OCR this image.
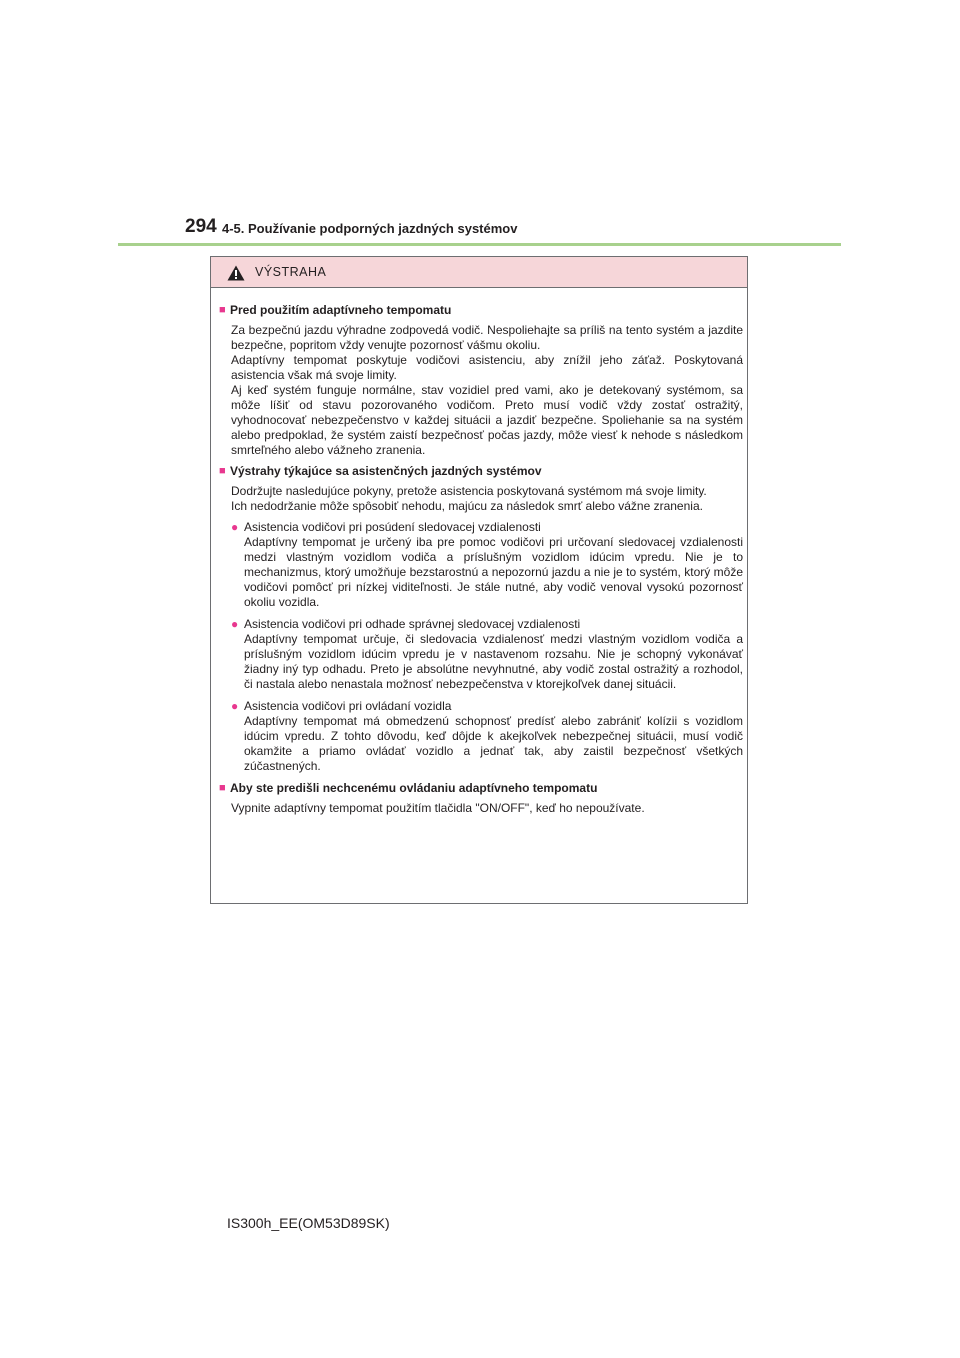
294 4-5. Používanie podporných jazdných systémov
VÝSTRAHA
■ Pred použitím adaptívneho tempomatu
Za bezpečnú jazdu výhradne zodpovedá vodič. Nespoliehajte sa príliš na tento systém a jazdite bezpečne, popritom vždy venujte pozornosť vášmu okoliu.
Adaptívny tempomat poskytuje vodičovi asistenciu, aby znížil jeho záťaž. Poskytovaná asistencia však má svoje limity.
Aj keď systém funguje normálne, stav vozidiel pred vami, ako je detekovaný systémom, sa môže líšiť od stavu pozorovaného vodičom. Preto musí vodič vždy zostať ostražitý, vyhodnocovať nebezpečenstvo v každej situácii a jazdiť bezpečne. Spoliehanie sa na systém alebo predpoklad, že systém zaistí bezpečnosť počas jazdy, môže viesť k nehode s následkom smrteľného alebo vážneho zranenia.
■ Výstrahy týkajúce sa asistenčných jazdných systémov
Dodržujte nasledujúce pokyny, pretože asistencia poskytovaná systémom má svoje limity.
Ich nedodržanie môže spôsobiť nehodu, majúcu za následok smrť alebo vážne zranenia.
● Asistencia vodičovi pri posúdení sledovacej vzdialenosti
Adaptívny tempomat je určený iba pre pomoc vodičovi pri určovaní sledovacej vzdialenosti medzi vlastným vozidlom vodiča a príslušným vozidlom idúcim vpredu. Nie je to mechanizmus, ktorý umožňuje bezstarostnú a nepozornú jazdu a nie je to systém, ktorý môže vodičovi pomôcť pri nízkej viditeľnosti. Je stále nutné, aby vodič venoval vysokú pozornosť okoliu vozidla.
● Asistencia vodičovi pri odhade správnej sledovacej vzdialenosti
Adaptívny tempomat určuje, či sledovacia vzdialenosť medzi vlastným vozidlom vodiča a príslušným vozidlom idúcim vpredu je v nastavenom rozsahu. Nie je schopný vykonávať žiadny iný typ odhadu. Preto je absolútne nevyhnutné, aby vodič zostal ostražitý a rozhodol, či nastala alebo nenastala možnosť nebezpečenstva v ktorejkoľvek danej situácii.
● Asistencia vodičovi pri ovládaní vozidla
Adaptívny tempomat má obmedzenú schopnosť predísť alebo zabrániť kolízii s vozidlom idúcim vpredu. Z tohto dôvodu, keď dôjde k akejkoľvek nebezpečnej situácii, musí vodič okamžite a priamo ovládať vozidlo a jednať tak, aby zaistil bezpečnosť všetkých zúčastnených.
■ Aby ste predišli nechcenému ovládaniu adaptívneho tempomatu
Vypnite adaptívny tempomat použitím tlačidla "ON/OFF", keď ho nepoužívate.
IS300h_EE(OM53D89SK)
